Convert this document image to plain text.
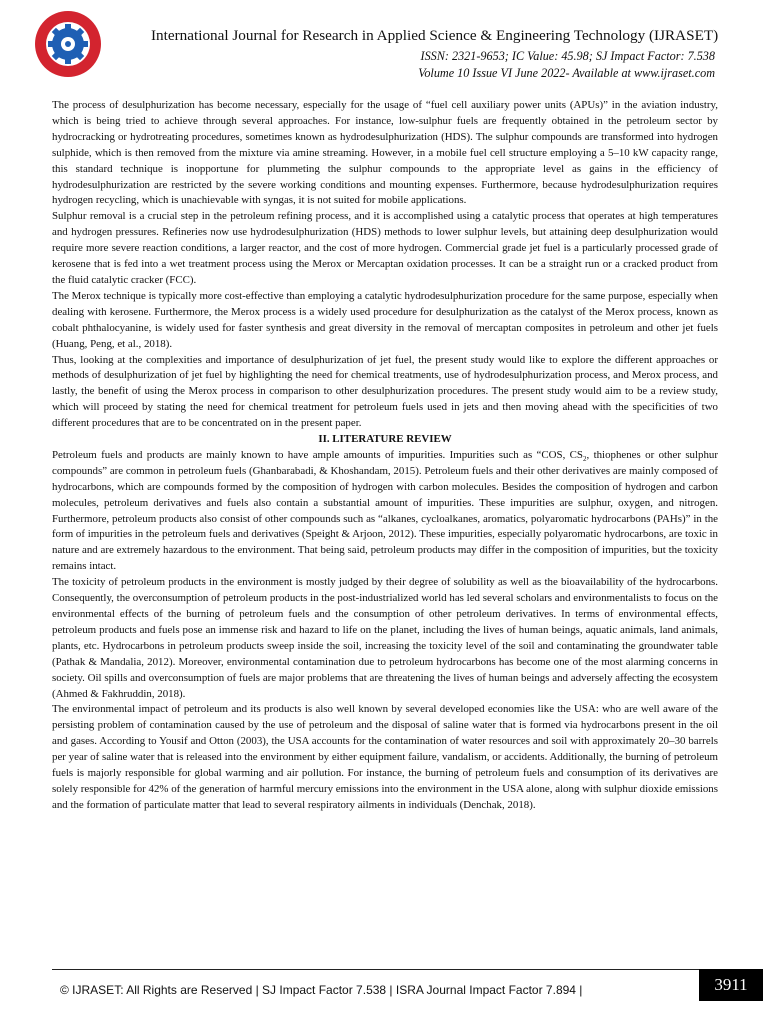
International Journal for Research in Applied Science & Engineering Technology (IJRASET)
ISSN: 2321-9653; IC Value: 45.98; SJ Impact Factor: 7.538
Volume 10 Issue VI June 2022- Available at www.ijraset.com

The process of desulphurization has become necessary, especially for the usage of “fuel cell auxiliary power units (APUs)” in the aviation industry, which is being tried to achieve through several approaches. For instance, low-sulphur fuels are frequently obtained in the petroleum sector by hydrocracking or hydrotreating procedures, sometimes known as hydrodesulphurization (HDS). The sulphur compounds are transformed into hydrogen sulphide, which is then removed from the mixture via amine streaming. However, in a mobile fuel cell structure employing a 5–10 kW capacity range, this standard technique is inopportune for plummeting the sulphur compounds to the appropriate level as gains in the efficiency of hydrodesulphurization are restricted by the severe working conditions and mounting expenses. Furthermore, because hydrodesulphurization requires hydrogen recycling, which is unachievable with syngas, it is not suited for mobile applications.

Sulphur removal is a crucial step in the petroleum refining process, and it is accomplished using a catalytic process that operates at high temperatures and hydrogen pressures. Refineries now use hydrodesulphurization (HDS) methods to lower sulphur levels, but attaining deep desulphurization would require more severe reaction conditions, a larger reactor, and the cost of more hydrogen. Commercial grade jet fuel is a particularly processed grade of kerosene that is fed into a wet treatment process using the Merox or Mercaptan oxidation processes. It can be a straight run or a cracked product from the fluid catalytic cracker (FCC).

The Merox technique is typically more cost-effective than employing a catalytic hydrodesulphurization procedure for the same purpose, especially when dealing with kerosene. Furthermore, the Merox process is a widely used procedure for desulphurization as the catalyst of the Merox process, known as cobalt phthalocyanine, is widely used for faster synthesis and great diversity in the removal of mercaptan composites in petroleum and other jet fuels (Huang, Peng, et al., 2018).

Thus, looking at the complexities and importance of desulphurization of jet fuel, the present study would like to explore the different approaches or methods of desulphurization of jet fuel by highlighting the need for chemical treatments, use of hydrodesulphurization process, and Merox process, and lastly, the benefit of using the Merox process in comparison to other desulphurization procedures. The present study would aim to be a review study, which will proceed by stating the need for chemical treatment for petroleum fuels used in jets and then moving ahead with the specificities of two different procedures that are to be concentrated on in the present paper.

II. LITERATURE REVIEW

Petroleum fuels and products are mainly known to have ample amounts of impurities. Impurities such as “COS, $CS_2$, thiophenes or other sulphur compounds” are common in petroleum fuels (Ghanbarabadi, & Khoshandam, 2015). Petroleum fuels and their other derivatives are mainly composed of hydrocarbons, which are compounds formed by the composition of hydrogen with carbon molecules. Besides the composition of hydrogen and carbon molecules, petroleum derivatives and fuels also contain a substantial amount of impurities. These impurities are sulphur, oxygen, and nitrogen. Furthermore, petroleum products also consist of other compounds such as “alkanes, cycloalkanes, aromatics, polyaromatic hydrocarbons (PAHs)” in the form of impurities in the petroleum fuels and derivatives (Speight & Arjoon, 2012). These impurities, especially polyaromatic hydrocarbons, are toxic in nature and are extremely hazardous to the environment. That being said, petroleum products may differ in the composition of impurities, but the toxicity remains intact.

The toxicity of petroleum products in the environment is mostly judged by their degree of solubility as well as the bioavailability of the hydrocarbons. Consequently, the overconsumption of petroleum products in the post-industrialized world has led several scholars and environmentalists to focus on the environmental effects of the burning of petroleum fuels and the consumption of other petroleum derivatives. In terms of environmental effects, petroleum products and fuels pose an immense risk and hazard to life on the planet, including the lives of human beings, aquatic animals, land animals, plants, etc. Hydrocarbons in petroleum products sweep inside the soil, increasing the toxicity level of the soil and contaminating the groundwater table (Pathak & Mandalia, 2012). Moreover, environmental contamination due to petroleum hydrocarbons has become one of the most alarming concerns in society. Oil spills and overconsumption of fuels are major problems that are threatening the lives of human beings and adversely affecting the ecosystem (Ahmed & Fakhruddin, 2018).

The environmental impact of petroleum and its products is also well known by several developed economies like the USA: who are well aware of the persisting problem of contamination caused by the use of petroleum and the disposal of saline water that is formed via hydrocarbons present in the oil and gases. According to Yousif and Otton (2003), the USA accounts for the contamination of water resources and soil with approximately 20–30 barrels per year of saline water that is released into the environment by either equipment failure, vandalism, or accidents. Additionally, the burning of petroleum fuels is majorly responsible for global warming and air pollution. For instance, the burning of petroleum fuels and consumption of its derivatives are solely responsible for 42% of the generation of harmful mercury emissions into the environment in the USA alone, along with sulphur dioxide emissions and the formation of particulate matter that lead to several respiratory ailments in individuals (Denchak, 2018).

© IJRASET: All Rights are Reserved | SJ Impact Factor 7.538 | ISRA Journal Impact Factor 7.894 |	3911
